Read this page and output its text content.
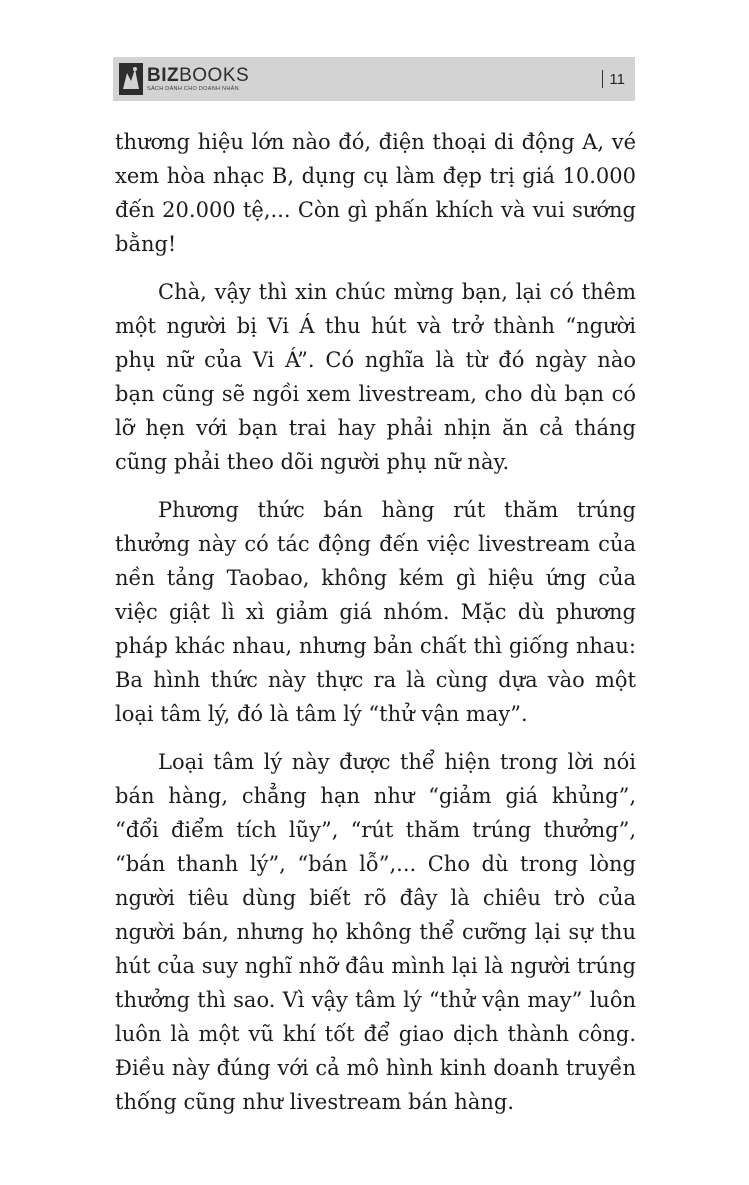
BIZBOOKS
SÁCH DÀNH CHO DOANH NHÂN
11

thương hiệu lớn nào đó, điện thoại di động A, vé xem hòa nhạc B, dụng cụ làm đẹp trị giá 10.000 đến 20.000 tệ,... Còn gì phấn khích và vui sướng bằng!

Chà, vậy thì xin chúc mừng bạn, lại có thêm một người bị Vi Á thu hút và trở thành “người phụ nữ của Vi Á”. Có nghĩa là từ đó ngày nào bạn cũng sẽ ngồi xem livestream, cho dù bạn có lỡ hẹn với bạn trai hay phải nhịn ăn cả tháng cũng phải theo dõi người phụ nữ này.

Phương thức bán hàng rút thăm trúng thưởng này có tác động đến việc livestream của nền tảng Taobao, không kém gì hiệu ứng của việc giật lì xì giảm giá nhóm. Mặc dù phương pháp khác nhau, nhưng bản chất thì giống nhau: Ba hình thức này thực ra là cùng dựa vào một loại tâm lý, đó là tâm lý “thử vận may”.

Loại tâm lý này được thể hiện trong lời nói bán hàng, chẳng hạn như “giảm giá khủng”, “đổi điểm tích lũy”, “rút thăm trúng thưởng”, “bán thanh lý”, “bán lỗ”,... Cho dù trong lòng người tiêu dùng biết rõ đây là chiêu trò của người bán, nhưng họ không thể cưỡng lại sự thu hút của suy nghĩ nhỡ đâu mình lại là người trúng thưởng thì sao. Vì vậy tâm lý “thử vận may” luôn luôn là một vũ khí tốt để giao dịch thành công. Điều này đúng với cả mô hình kinh doanh truyền thống cũng như livestream bán hàng.
